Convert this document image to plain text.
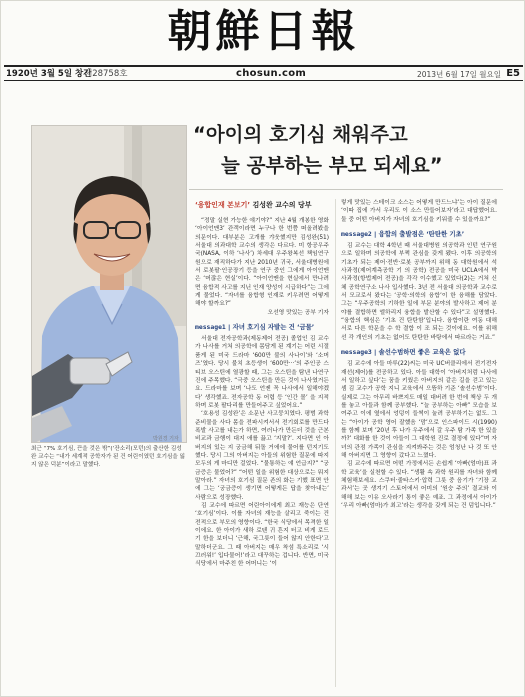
朝鮮日報
1920년 3월 5일 창간
제28758호	chosun.com	2013년 6월 17일 월요일 E5
박원경 기자
최근 “7% 호기심, 끈을 것은 밖”(‘잔소리(모던)의 출산한 김성완 교수는 “내가 세계적 공학자가 된 건 어린이였던 호기심을 잃지 않은 덕분”이라고 말했다.
“아이의 호기심 채워주고
늘 공부하는 부모 되세요”
‘융합인재 본보기’ 김성완 교수의 당부

“정말 실현 가능한 얘기야?” 지난 4월 개봉한 영화 ‘아이언맨3’ 관객이라면 누구나 한 번쯤 떠올려봤을 의문이다. 대부분은 고개를 갸웃했지만 김성완(51) 서울대 의과대학 교수의 생각은 다르다. 미 항공우주국(NASA, 이하 ‘나사’) 차세대 우주왕복선 책임연구원으로 재직하다가 지난 2010년 귀국, 서울대병원에서 로봇팔·인공장기 등을 연구 중인 그에게 아이언맨은 ‘머잖은 현실’이다. “아이언맨을 현실에서 만나려면 융합적 사고를 지닌 인재 양성이 시급하다”는 그에게 물었다. “자녀를 융합형 인재로 키우려면 어떻게 해야 할까요?”

오선영 맛있는 공부 기자

message1 | 자녀 호기심 자발는 건 ‘금물’

서울대 전자공학과(제동제어 전공) 졸업인 김 교수가 나사를 거쳐 의공학에 몸담게 된 계기는 어린 시절 품게 된 미국 드라마 ‘600만 불의 사나이’와 ‘소머즈’였다. 당시 불치 초등생이 ‘600만···’의 주인공 스티브 오스틴에 열광할 때, 그는 오스틴을 탐낸 나연구진에 주목했다. “극중 오스틴을 만든 것이 나사였거든요. 드라마를 보며 ‘나도 언젠 꼭 나사에서 일해야겠다’ 생각했죠. 전자공학 동 어렵 등 ‘인간 몰’ 을 지적하며 로봇 팔다리를 만들어주고 싶었어요.”

‘호용성 김성완’은 소문난 사고뭉치였다. 평범 과학 준비물을 사다 몸을 전파시켜서서 전기회로를 만드다 폭발 사고를 내는가 하면, 여러나가 만든더 것을 근본 비교과 금행이 대지 애를 끓고 ‘지말?’. 지다면 인 아버지의 있는 지 궁금해 뒤돌 거에에 물어를 던지기도 했다. 당시 그의 아버지는 아들의 위험한 질문에 따지 모두의 게 마디만 걸었다. “물통하는 얘 언급지?” “궁금증은 물었어?” “어떤 일을 위험한 대상으로는 뭐지 말아라.” 자녀의 호기심 질문 존의 화는 기했 표면 안에 그는 ‘궁금증이 생기면 어떻게든 답을 찾아내는’ 사람으로 성장했다.

김 교수에 따르면 어린아이에게 최고 재능은 단연 ‘호기심’이다. 이를 자녀의 재능을 살리고 죽이는 건 전적으로 부모의 영향이다. “한국 식당에서 목격한 일이에요. 한 아이가 새하 로텐 귀 흔지 터고 비게 로드기 한을 보더니 ‘근해, 국그릇이 들어 않지 안한다’고 말하더군요. 그 때 아버지는 매우 착섬 특소리로 ‘시끄러워!’ 입다물어!’라고 대꾸하는 겁니다. 반면, 미국 식당에서 마주친 한 어머니는 ‘이

렇게 맛있는 스테이크 소스는 어떻게 만드느냐’는 아이 질문에 ‘이따 집에 가서 우리도 이 소스 만들어보자’라고 대답했어요. 둘 중 어떤 아버지가 자녀의 호기심을 키워줄 수 있을까요?”

message2 | 융합의 출발점은 ‘탄탄한 기초’

김 교수는 대학 4학년 때 서울대병원 의공학과 인턴 연구원으로 일하며 의공학에 부쩍 관심을 갖게 됐다. 이후 의공학의 기초가 되는 제어·전반·로봇 공부까지 위해 동 대학원에서 석사과정(제어계측공학 기 의 공학) 전공을 미국 UCLA에서 박사과정(항법제어 전공)을 각각 이수했고 있었다(2)는 거쳐 신체 공학연구소 나사 입사했다. 3년 전 서울대 의공학과 교수로서 모교로서 왔다는 ‘공학·의학의 융합’이 한 융해를 담았다. 그는 “우주공학의 기하한 일에 부문 분야의 발사하고 제어 분야를 결합하면 엘하리지 융합을 발산할 수 있다”고 설명했다. “융합의 핵심은 ‘기초 건 탄탄함’입니다. 융합이란 여동 대해 서로 다른 학문을 수 학 결합 이 조 되는 것이에요. 이를 위해선 각 개인의 기초는 없어도 탄탄한 바탕에서 따르라는 거죠.”

message3 | 솔선수범하면 좋은 교육은 없다

김 교수에 아들 마루(22)씨는 미국 UC버클리에서 전기전자재선(제어)를 전공하고 있다. 아들 대학이 ‘아버지처럼 나사에서 일하고 싶다’는 꿈을 키웠은 아버지의 같은 길을 걷고 있는 셈 김 교수가 공학 지니 교육에서 으뜸하 기준 ‘솔선수범’이다. 실제로 그는 아무리 바쁘지도 매일 대버려 한 번에 책상 두 개를 놓고 아들과 함께 공부했다. “늘 공부하는 아빠” 모습을 보여주고 이에 옆에서 엉덩이 들썩이 눌려 공부하기는 없도. 그는 “아이가 공학 영어 잘했음 ‘맘’으로 인스파이드 시(1990)를 함께 보며 ’20년 후 나가 우주에서 갈 우주 탐 가족 한 있을까?’ 대화를 한 것이 아들이 그 대학원 진로 결정에 있다”며 자녀의 관점 가족이 관심을 지켜봐주는 것은 엄청난 나 것 또 안해 아버지면 그 영향이 갔다고 느꼈다.

김 교수에 따르면 어떤 가정에서든 손쉽게 ‘아빠(엄마)표 과학 교육’을 실천할 수 있다. “생활 속 과학 원리를 자녀와 함께 체험해보세요. 스쿠터·줄타스키·압력 그릇 중 음기가 ‘기장 교과서’는 곳 생겨기 스토어에서 어미의 ‘원숭 주의’ 결교와 이 해해 보는 이유 오사라기 통이 좋은 예죠. 그 과정에서 아이가 ‘우리 아빠(엄마)가 최고’라는 생각을 갖게 되는 건 덤입니다.”
